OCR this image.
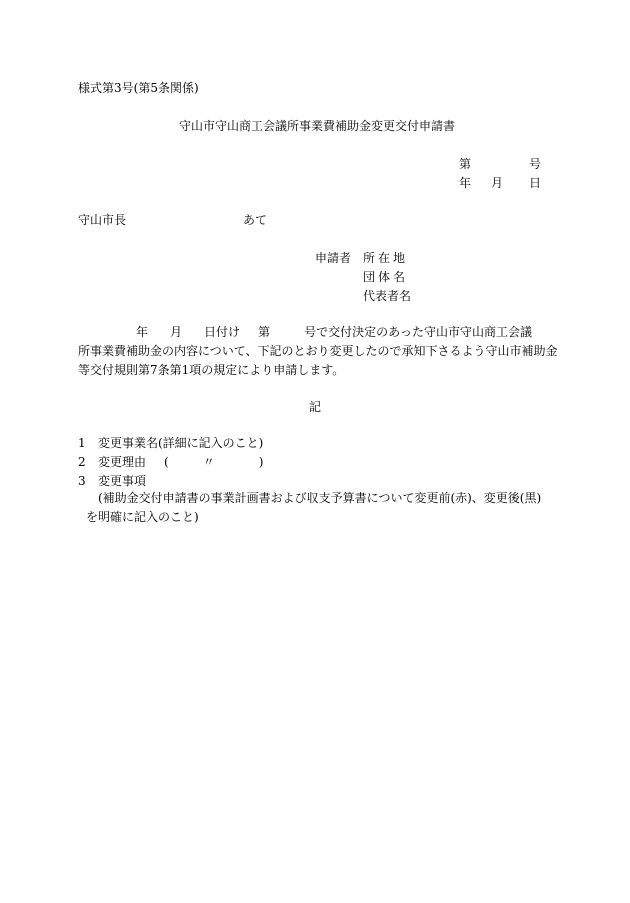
様式第3号(第5条関係)
守山市守山商工会議所事業費補助金変更交付申請書
第	号
年 月 日
守山市長	あて
申請者 所在地
団体名
代表者名
年 月 日付け 第	号で交付決定のあった守山市守山商工会議
所事業費補助金の内容について、下記のとおり変更したので承知下さるよう守山市補助金
等交付規則第7条第1項の規定により申請します。
記
1 変更事業名(詳細に記入のこと)
2 変更理由 (	〃	)
3 変更事項
(補助金交付申請書の事業計画書および収支予算書について変更前(赤)、変更後(黒)
を明確に記入のこと)
